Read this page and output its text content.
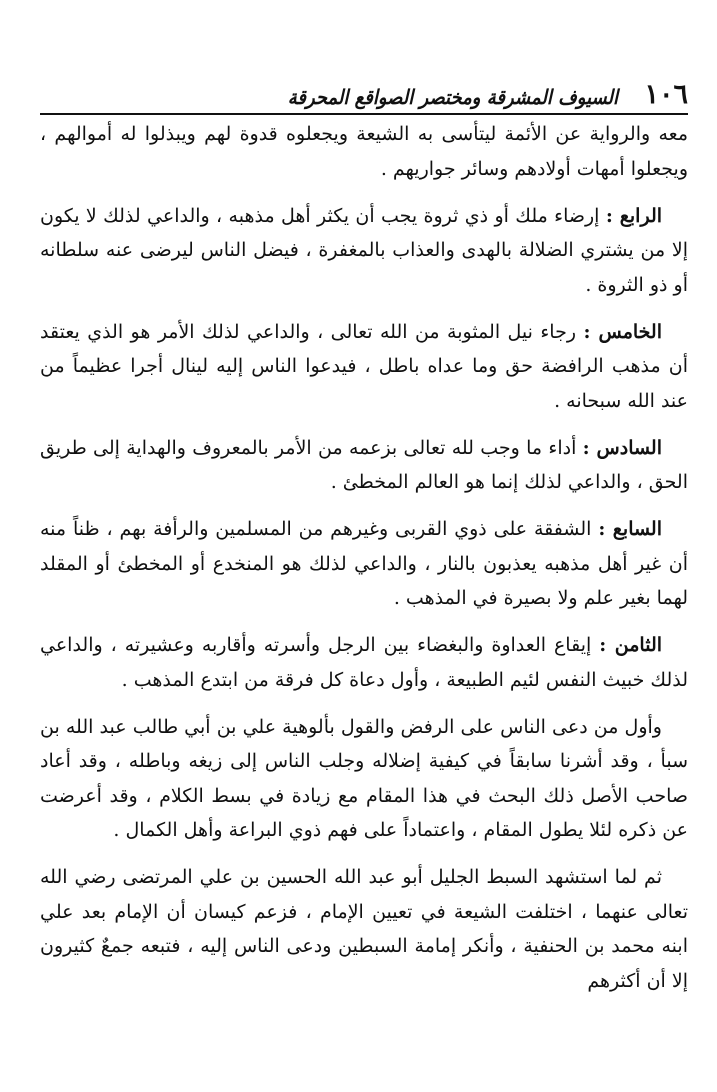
١٠٦
السيوف المشرقة ومختصر الصواقع المحرقة

معه والرواية عن الأئمة ليتأسى به الشيعة ويجعلوه قدوة لهم ويبذلوا له أموالهم ، ويجعلوا أمهات أولادهم وسائر جواريهم .

الرابع : إرضاء ملك أو ذي ثروة يجب أن يكثر أهل مذهبه ، والداعي لذلك لا يكون إلا من يشتري الضلالة بالهدى والعذاب بالمغفرة ، فيضل الناس ليرضى عنه سلطانه أو ذو الثروة .

الخامس : رجاء نيل المثوبة من الله تعالى ، والداعي لذلك الأمر هو الذي يعتقد أن مذهب الرافضة حق وما عداه باطل ، فيدعوا الناس إليه لينال أجرا عظيماً من عند الله سبحانه .

السادس : أداء ما وجب لله تعالى بزعمه من الأمر بالمعروف والهداية إلى طريق الحق ، والداعي لذلك إنما هو العالم المخطئ .

السابع : الشفقة على ذوي القربى وغيرهم من المسلمين والرأفة بهم ، ظناً منه أن غير أهل مذهبه يعذبون بالنار ، والداعي لذلك هو المنخدع أو المخطئ أو المقلد لهما بغير علم ولا بصيرة في المذهب .

الثامن : إيقاع العداوة والبغضاء بين الرجل وأسرته وأقاربه وعشيرته ، والداعي لذلك خبيث النفس لئيم الطبيعة ، وأول دعاة كل فرقة من ابتدع المذهب .

وأول من دعى الناس على الرفض والقول بألوهية علي بن أبي طالب عبد الله بن سبأ ، وقد أشرنا سابقاً في كيفية إضلاله وجلب الناس إلى زيغه وباطله ، وقد أعاد صاحب الأصل ذلك البحث في هذا المقام مع زيادة في بسط الكلام ، وقد أعرضت عن ذكره لئلا يطول المقام ، واعتماداً على فهم ذوي البراعة وأهل الكمال .

ثم لما استشهد السبط الجليل أبو عبد الله الحسين بن علي المرتضى رضي الله تعالى عنهما ، اختلفت الشيعة في تعيين الإمام ، فزعم كيسان أن الإمام بعد علي ابنه محمد بن الحنفية ، وأنكر إمامة السبطين ودعى الناس إليه ، فتبعه جمعٌ كثيرون إلا أن أكثرهم
